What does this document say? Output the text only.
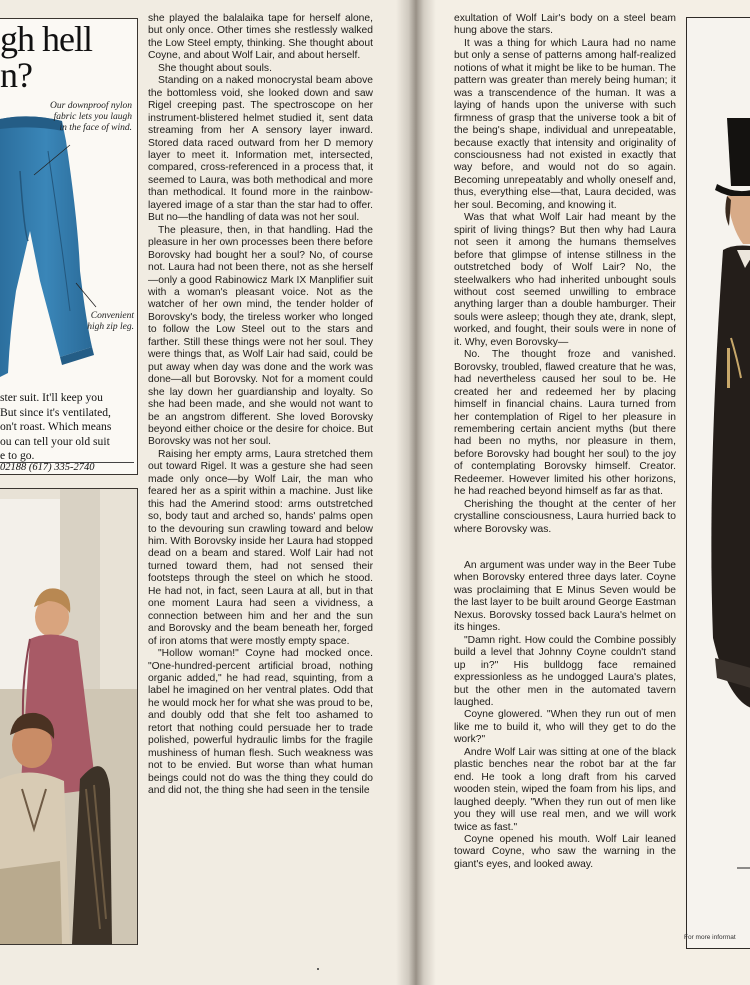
gh hell
n?
Our downproof nylon fabric lets you laugh in the face of wind.
Convenient high zip leg.
ster suit. It'll keep you
But since it's ventilated,
on't roast. Which means
ou can tell your old suit
e to go.
02188 (617) 335-2740

she played the balalaika tape for herself alone, but only once. Other times she restlessly walked the Low Steel empty, thinking. She thought about Coyne, and about Wolf Lair, and about herself.

She thought about souls.

Standing on a naked monocrystal beam above the bottomless void, she looked down and saw Rigel creeping past. The spectroscope on her instrument-blistered helmet studied it, sent data streaming from her A sensory layer inward. Stored data raced outward from her D memory layer to meet it. Information met, intersected, compared, cross-referenced in a process that, it seemed to Laura, was both methodical and more than methodical. It found more in the rainbow-layered image of a star than the star had to offer. But no—the handling of data was not her soul.

The pleasure, then, in that handling. Had the pleasure in her own processes been there before Borovsky had bought her a soul? No, of course not. Laura had not been there, not as she herself—only a good Rabinowicz Mark IX Manplifier suit with a woman's pleasant voice. Not as the watcher of her own mind, the tender holder of Borovsky's body, the tireless worker who longed to follow the Low Steel out to the stars and farther. Still these things were not her soul. They were things that, as Wolf Lair had said, could be put away when day was done and the work was done—all but Borovsky. Not for a moment could she lay down her guardianship and loyalty. So she had been made, and she would not want to be an angstrom different. She loved Borovsky beyond either choice or the desire for choice. But Borovsky was not her soul.

Raising her empty arms, Laura stretched them out toward Rigel. It was a gesture she had seen made only once—by Wolf Lair, the man who feared her as a spirit within a machine. Just like this had the Amerind stood: arms outstretched so, body taut and arched so, hands' palms open to the devouring sun crawling toward and below him. With Borovsky inside her Laura had stopped dead on a beam and stared. Wolf Lair had not turned toward them, had not sensed their footsteps through the steel on which he stood. He had not, in fact, seen Laura at all, but in that one moment Laura had seen a vividness, a connection between him and her and the sun and Borovsky and the beam beneath her, forged of iron atoms that were mostly empty space.

"Hollow woman!" Coyne had mocked once. "One-hundred-percent artificial broad, nothing organic added," he had read, squinting, from a label he imagined on her ventral plates. Odd that he would mock her for what she was proud to be, and doubly odd that she felt too ashamed to retort that nothing could persuade her to trade polished, powerful hydraulic limbs for the fragile mushiness of human flesh. Such weakness was not to be envied. But worse than what human beings could not do was the thing they could do and did not, the thing she had seen in the tensile

exultation of Wolf Lair's body on a steel beam hung above the stars.

It was a thing for which Laura had no name but only a sense of patterns among half-realized notions of what it might be like to be human. The pattern was greater than merely being human; it was a transcendence of the human. It was a laying of hands upon the universe with such firmness of grasp that the universe took a bit of the being's shape, individual and unrepeatable, because exactly that intensity and originality of consciousness had not existed in exactly that way before, and would not do so again. Becoming unrepeatably and wholly oneself and, thus, everything else—that, Laura decided, was her soul. Becoming, and knowing it.

Was that what Wolf Lair had meant by the spirit of living things? But then why had Laura not seen it among the humans themselves before that glimpse of intense stillness in the outstretched body of Wolf Lair? No, the steelwalkers who had inherited unbought souls without cost seemed unwilling to embrace anything larger than a double hamburger. Their souls were asleep; though they ate, drank, slept, worked, and fought, their souls were in none of it. Why, even Borovsky—

No. The thought froze and vanished. Borovsky, troubled, flawed creature that he was, had nevertheless caused her soul to be. He created her and redeemed her by placing himself in financial chains. Laura turned from her contemplation of Rigel to her pleasure in remembering certain ancient myths (but there had been no myths, nor pleasure in them, before Borovsky had bought her soul) to the joy of contemplating Borovsky himself. Creator. Redeemer. However limited his other horizons, he had reached beyond himself as far as that.

Cherishing the thought at the center of her crystalline consciousness, Laura hurried back to where Borovsky was.

An argument was under way in the Beer Tube when Borovsky entered three days later. Coyne was proclaiming that E Minus Seven would be the last layer to be built around George Eastman Nexus. Borovsky tossed back Laura's helmet on its hinges.

"Damn right. How could the Combine possibly build a level that Johnny Coyne couldn't stand up in?" His bulldogg face remained expressionless as he undogged Laura's plates, but the other men in the automated tavern laughed.

Coyne glowered. "When they run out of men like me to build it, who will they get to do the work?"

Andre Wolf Lair was sitting at one of the black plastic benches near the robot bar at the far end. He took a long draft from his carved wooden stein, wiped the foam from his lips, and laughed deeply. "When they run out of men like you they will use real men, and we will work twice as fast."

Coyne opened his mouth. Wolf Lair leaned toward Coyne, who saw the warning in the giant's eyes, and looked away.

For more informat
